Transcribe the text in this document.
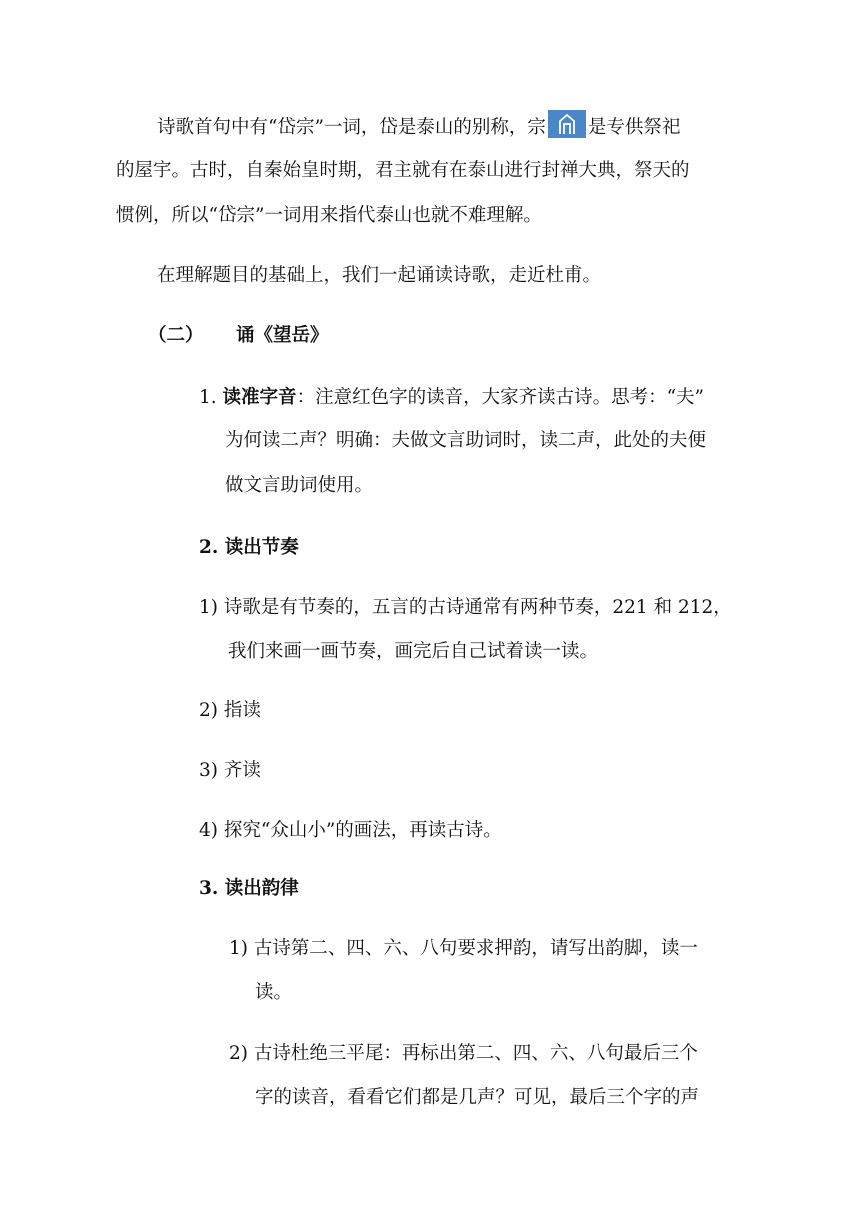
诗歌首句中有“岱宗”一词，岱是泰山的别称，宗 是专供祭祀
的屋宇。古时，自秦始皇时期，君主就有在泰山进行封禅大典，祭天的
惯例，所以“岱宗”一词用来指代泰山也就不难理解。
在理解题目的基础上，我们一起诵读诗歌，走近杜甫。
（二） 诵《望岳》
1. 读准字音：注意红色字的读音，大家齐读古诗。思考：“夫”
为何读二声？明确：夫做文言助词时，读二声，此处的夫便
做文言助词使用。
2. 读出节奏
1) 诗歌是有节奏的，五言的古诗通常有两种节奏，221 和 212，
我们来画一画节奏，画完后自己试着读一读。
2) 指读
3) 齐读
4) 探究“众山小”的画法，再读古诗。
3. 读出韵律
1) 古诗第二、四、六、八句要求押韵，请写出韵脚，读一
读。
2) 古诗杜绝三平尾：再标出第二、四、六、八句最后三个
字的读音，看看它们都是几声？可见，最后三个字的声
